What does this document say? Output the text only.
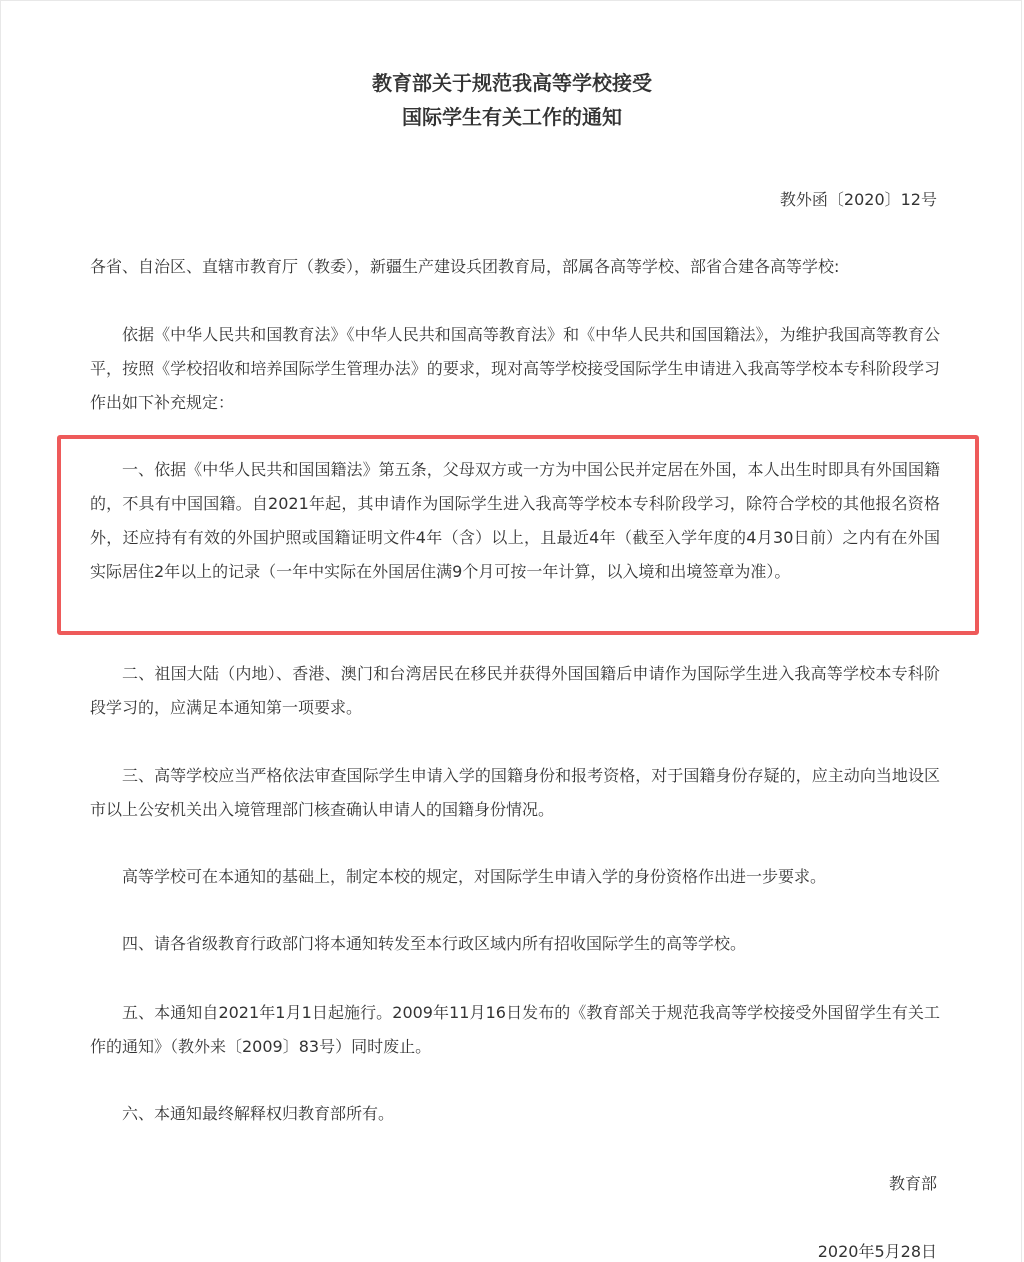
教育部关于规范我高等学校接受
国际学生有关工作的通知
教外函〔2020〕12号

各省、自治区、直辖市教育厅（教委），新疆生产建设兵团教育局，部属各高等学校、部省合建各高等学校:

依据《中华人民共和国教育法》《中华人民共和国高等教育法》和《中华人民共和国国籍法》，为维护我国高等教育公平，按照《学校招收和培养国际学生管理办法》的要求，现对高等学校接受国际学生申请进入我高等学校本专科阶段学习作出如下补充规定：

一、依据《中华人民共和国国籍法》第五条，父母双方或一方为中国公民并定居在外国，本人出生时即具有外国国籍的，不具有中国国籍。自2021年起，其申请作为国际学生进入我高等学校本专科阶段学习，除符合学校的其他报名资格外，还应持有有效的外国护照或国籍证明文件4年（含）以上，且最近4年（截至入学年度的4月30日前）之内有在外国实际居住2年以上的记录（一年中实际在外国居住满9个月可按一年计算，以入境和出境签章为准）。

二、祖国大陆（内地）、香港、澳门和台湾居民在移民并获得外国国籍后申请作为国际学生进入我高等学校本专科阶段学习的，应满足本通知第一项要求。

三、高等学校应当严格依法审查国际学生申请入学的国籍身份和报考资格，对于国籍身份存疑的，应主动向当地设区市以上公安机关出入境管理部门核查确认申请人的国籍身份情况。

高等学校可在本通知的基础上，制定本校的规定，对国际学生申请入学的身份资格作出进一步要求。

四、请各省级教育行政部门将本通知转发至本行政区域内所有招收国际学生的高等学校。

五、本通知自2021年1月1日起施行。2009年11月16日发布的《教育部关于规范我高等学校接受外国留学生有关工作的通知》（教外来〔2009〕83号）同时废止。

六、本通知最终解释权归教育部所有。

教育部
2020年5月28日
